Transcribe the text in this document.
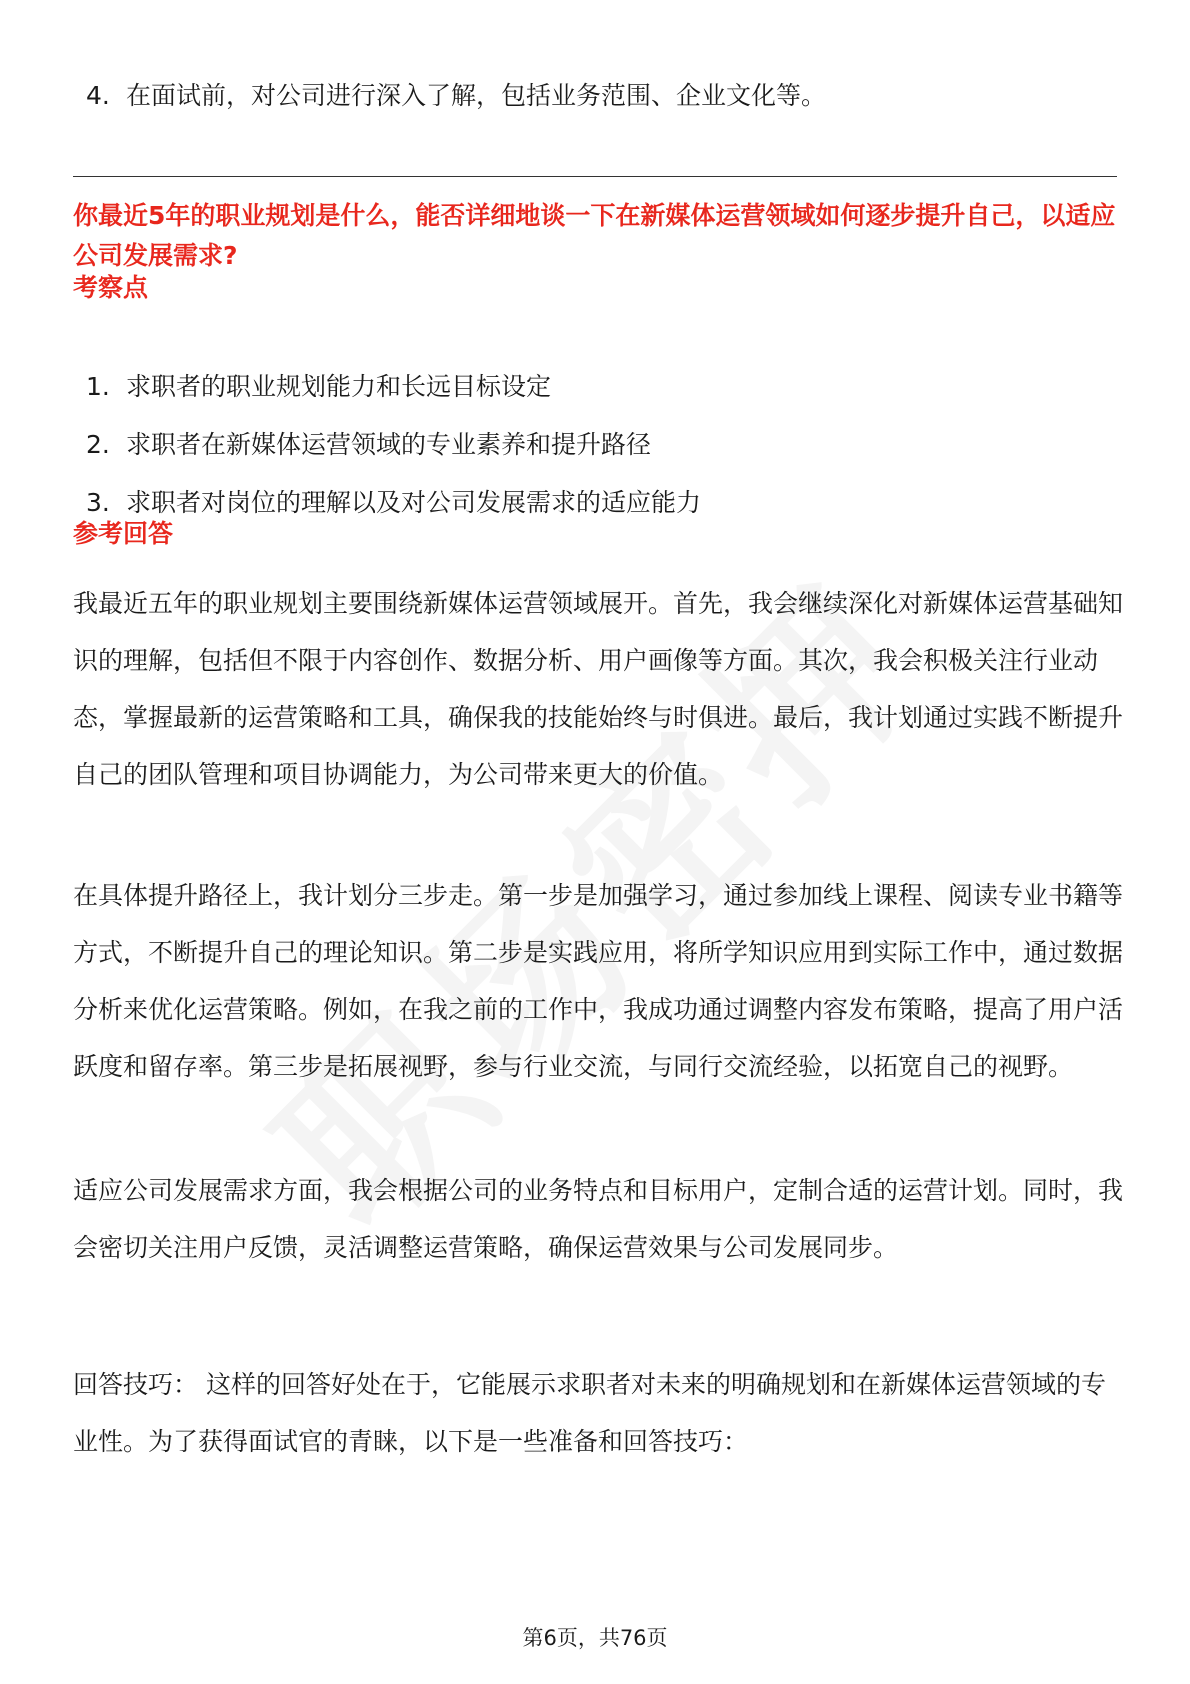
4. 在面试前，对公司进行深入了解，包括业务范围、企业文化等。
你最近5年的职业规划是什么，能否详细地谈一下在新媒体运营领域如何逐步提升自己，以适应公司发展需求?
考察点
1. 求职者的职业规划能力和长远目标设定
2. 求职者在新媒体运营领域的专业素养和提升路径
3. 求职者对岗位的理解以及对公司发展需求的适应能力
参考回答

我最近五年的职业规划主要围绕新媒体运营领域展开。首先，我会继续深化对新媒体运营基础知识的理解，包括但不限于内容创作、数据分析、用户画像等方面。其次，我会积极关注行业动态，掌握最新的运营策略和工具，确保我的技能始终与时俱进。最后，我计划通过实践不断提升自己的团队管理和项目协调能力，为公司带来更大的价值。

在具体提升路径上，我计划分三步走。第一步是加强学习，通过参加线上课程、阅读专业书籍等方式，不断提升自己的理论知识。第二步是实践应用，将所学知识应用到实际工作中，通过数据分析来优化运营策略。例如，在我之前的工作中，我成功通过调整内容发布策略，提高了用户活跃度和留存率。第三步是拓展视野，参与行业交流，与同行交流经验，以拓宽自己的视野。

适应公司发展需求方面，我会根据公司的业务特点和目标用户，定制合适的运营计划。同时，我会密切关注用户反馈，灵活调整运营策略，确保运营效果与公司发展同步。

回答技巧： 这样的回答好处在于，它能展示求职者对未来的明确规划和在新媒体运营领域的专业性。为了获得面试官的青睐，以下是一些准备和回答技巧：

第6页，共76页
